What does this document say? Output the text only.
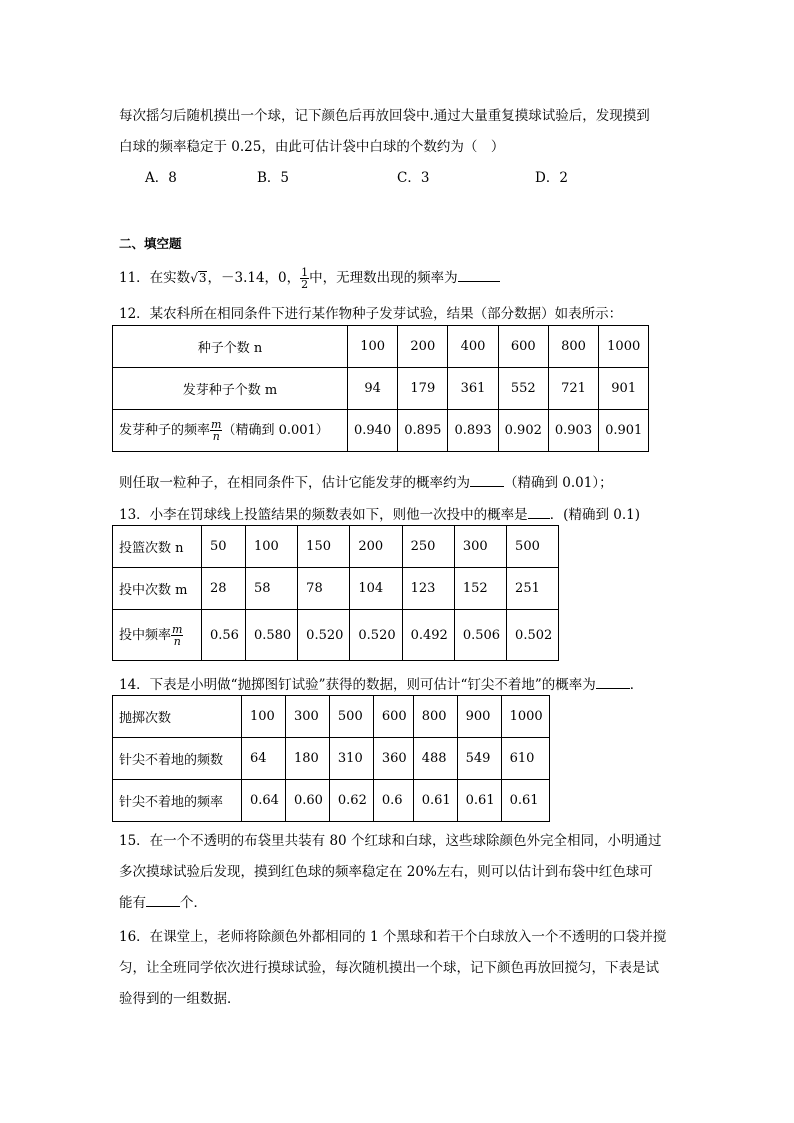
每次摇匀后随机摸出一个球，记下颜色后再放回袋中.通过大量重复摸球试验后，发现摸到
白球的频率稳定于 0.25，由此可估计袋中白球的个数约为（　）
A．8	B．5	C．3	D．2
二、填空题
11．在实数√3，－3.14，0， $\frac{1}{2}$ 中，无理数出现的频率为
12．某农科所在相同条件下进行某作物种子发芽试验，结果（部分数据）如表所示：
种子个数 n	100	200	400	600	800	1000
发芽种子个数 m	94	179	361	552	721	901
发芽种子的频率 $\frac{m}{n}$ （精确到 0.001）	0.940	0.895	0.893	0.902	0.903	0.901
则任取一粒种子，在相同条件下，估计它能发芽的概率约为	（精确到 0.01）；
13．小李在罚球线上投篮结果的频数表如下，则他一次投中的概率是 ．(精确到 0.1)
投篮次数 n	50	100	150	200	250	300	500
投中次数 m	28	58	78	104	123	152	251
投中频率 $\frac{m}{n}$	0.56	0.580	0.520	0.520	0.492	0.506	0.502
14．下表是小明做“抛掷图钉试验”获得的数据，则可估计“钉尖不着地”的概率为	．
抛掷次数	100	300	500	600	800	900	1000
针尖不着地的频数	64	180	310	360	488	549	610
针尖不着地的频率	0.64	0.60	0.62	0.6	0.61	0.61	0.61
15．在一个不透明的布袋里共装有 80 个红球和白球，这些球除颜色外完全相同，小明通过
多次摸球试验后发现，摸到红色球的频率稳定在 20%左右，则可以估计到布袋中红色球可
能有	个．
16．在课堂上，老师将除颜色外都相同的 1 个黑球和若干个白球放入一个不透明的口袋并搅
匀，让全班同学依次进行摸球试验，每次随机摸出一个球，记下颜色再放回搅匀，下表是试
验得到的一组数据．
